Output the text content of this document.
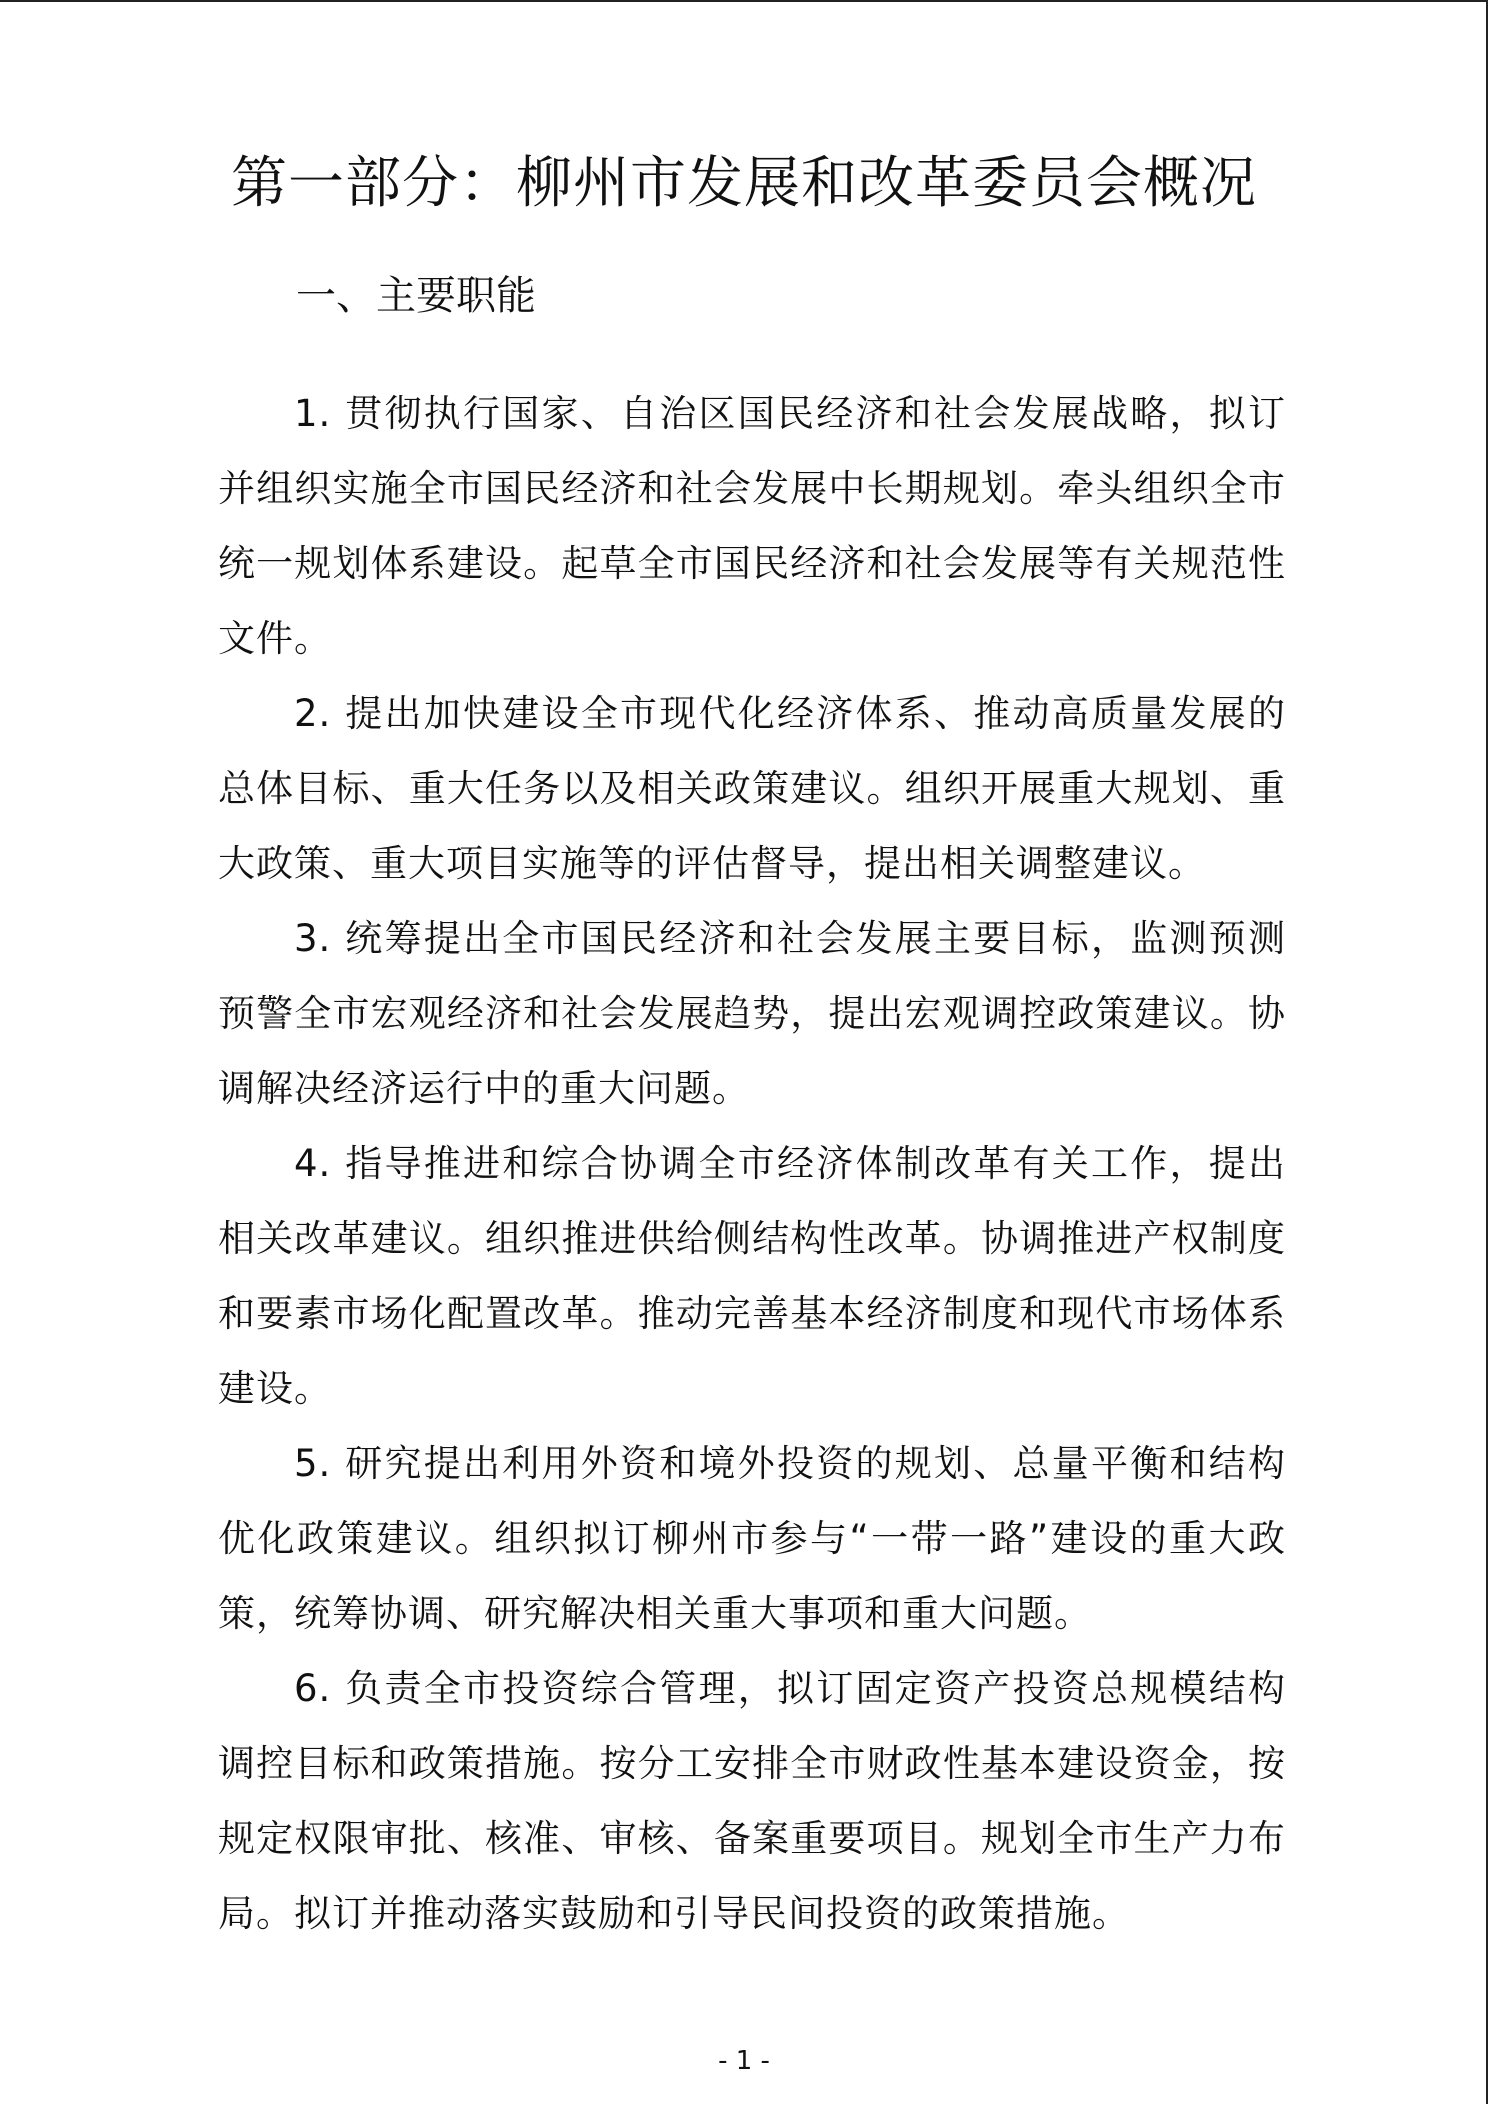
第一部分：柳州市发展和改革委员会概况
一、主要职能

1. 贯彻执行国家、自治区国民经济和社会发展战略，拟订并组织实施全市国民经济和社会发展中长期规划。牵头组织全市统一规划体系建设。起草全市国民经济和社会发展等有关规范性文件。

2. 提出加快建设全市现代化经济体系、推动高质量发展的总体目标、重大任务以及相关政策建议。组织开展重大规划、重大政策、重大项目实施等的评估督导，提出相关调整建议。

3. 统筹提出全市国民经济和社会发展主要目标，监测预测预警全市宏观经济和社会发展趋势，提出宏观调控政策建议。协调解决经济运行中的重大问题。

4. 指导推进和综合协调全市经济体制改革有关工作，提出相关改革建议。组织推进供给侧结构性改革。协调推进产权制度和要素市场化配置改革。推动完善基本经济制度和现代市场体系建设。

5. 研究提出利用外资和境外投资的规划、总量平衡和结构优化政策建议。组织拟订柳州市参与“一带一路”建设的重大政策，统筹协调、研究解决相关重大事项和重大问题。

6. 负责全市投资综合管理，拟订固定资产投资总规模结构调控目标和政策措施。按分工安排全市财政性基本建设资金，按规定权限审批、核准、审核、备案重要项目。规划全市生产力布局。拟订并推动落实鼓励和引导民间投资的政策措施。

- 1 -
